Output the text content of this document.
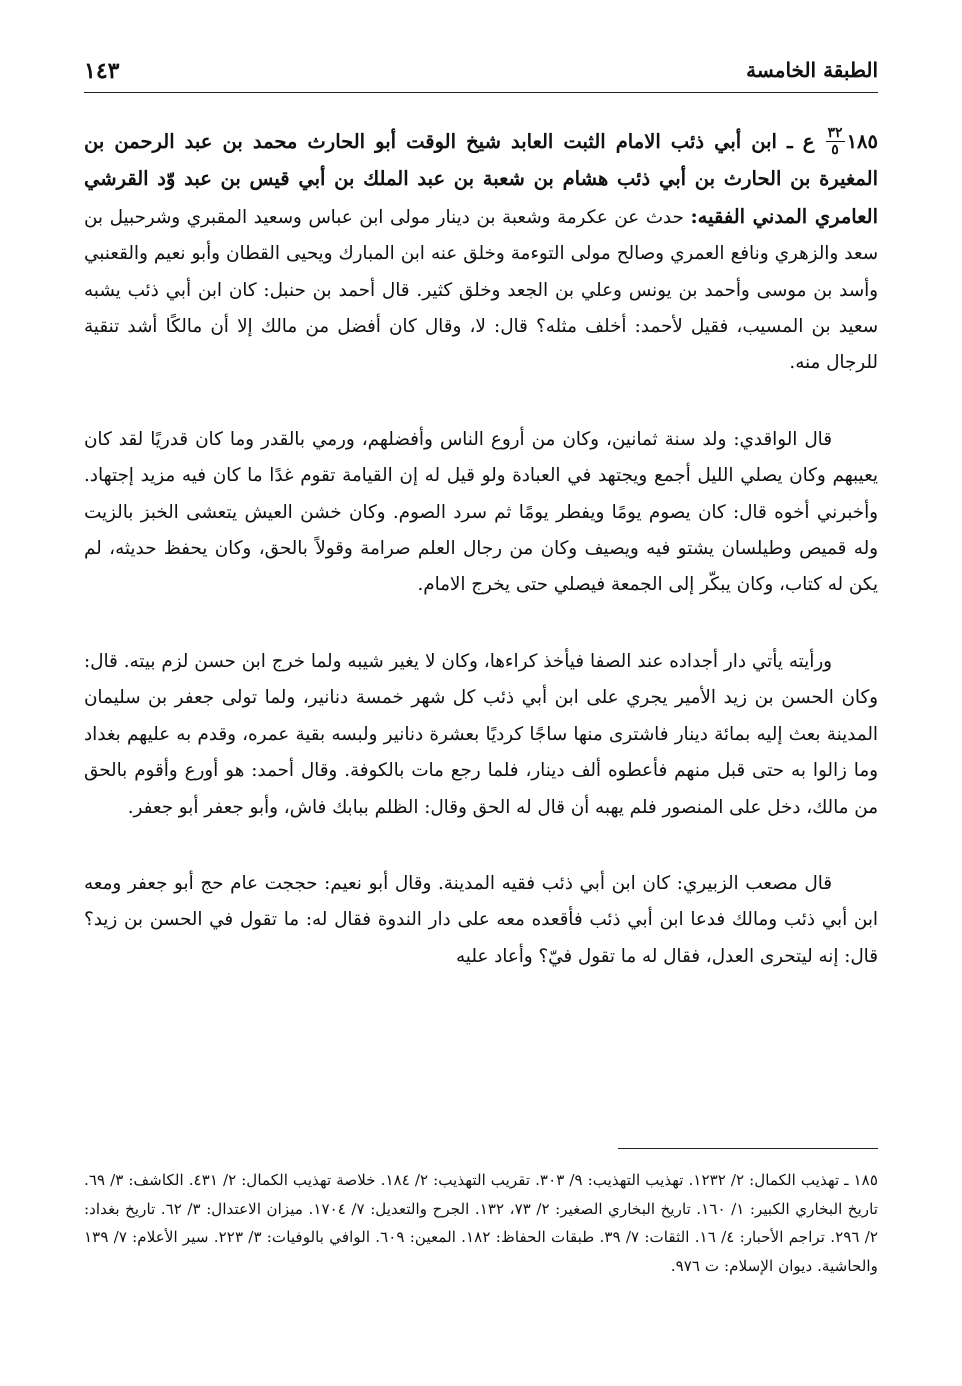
الطبقة الخامسة
١٤٣

١٨٥
$\frac{٣٢}{٥}$
ع ـ ابن أبي ذئب الامام الثبت العابد شيخ الوقت أبو الحارث محمد بن عبد الرحمن بن المغيرة بن الحارث بن أبي ذئب هشام بن شعبة بن عبد الملك بن أبي قيس بن عبد وّد القرشي العامري المدني الفقيه: حدث عن عكرمة وشعبة بن دينار مولى ابن عباس وسعيد المقبري وشرحبيل بن سعد والزهري ونافع العمري وصالح مولى التوءمة وخلق عنه ابن المبارك ويحيى القطان وأبو نعيم والقعنبي وأسد بن موسى وأحمد بن يونس وعلي بن الجعد وخلق كثير. قال أحمد بن حنبل: كان ابن أبي ذئب يشبه سعيد بن المسيب، فقيل لأحمد: أخلف مثله؟ قال: لا، وقال كان أفضل من مالك إلا أن مالكًا أشد تنقية للرجال منه.

قال الواقدي: ولد سنة ثمانين، وكان من أروع الناس وأفضلهم، ورمي بالقدر وما كان قدريًا لقد كان يعيبهم وكان يصلي الليل أجمع ويجتهد في العبادة ولو قيل له إن القيامة تقوم غدًا ما كان فيه مزيد إجتهاد. وأخبرني أخوه قال: كان يصوم يومًا ويفطر يومًا ثم سرد الصوم. وكان خشن العيش يتعشى الخبز بالزيت وله قميص وطيلسان يشتو فيه ويصيف وكان من رجال العلم صرامة وقولاً بالحق، وكان يحفظ حديثه، لم يكن له كتاب، وكان يبكّر إلى الجمعة فيصلي حتى يخرج الامام.

ورأيته يأتي دار أجداده عند الصفا فيأخذ كراءها، وكان لا يغير شيبه ولما خرج ابن حسن لزم بيته. قال: وكان الحسن بن زيد الأمير يجري على ابن أبي ذئب كل شهر خمسة دنانير، ولما تولى جعفر بن سليمان المدينة بعث إليه بمائة دينار فاشترى منها ساجًا كرديًا بعشرة دنانير ولبسه بقية عمره، وقدم به عليهم بغداد وما زالوا به حتى قبل منهم فأعطوه ألف دينار، فلما رجع مات بالكوفة. وقال أحمد: هو أورع وأقوم بالحق من مالك، دخل على المنصور فلم يهبه أن قال له الحق وقال: الظلم ببابك فاش، وأبو جعفر أبو جعفر.

قال مصعب الزبيري: كان ابن أبي ذئب فقيه المدينة. وقال أبو نعيم: حججت عام حج أبو جعفر ومعه ابن أبي ذئب ومالك فدعا ابن أبي ذئب فأقعده معه على دار الندوة فقال له: ما تقول في الحسن بن زيد؟ قال: إنه ليتحرى العدل، فقال له ما تقول فيّ؟ وأعاد عليه

١٨٥ ـ تهذيب الكمال: ٢/ ١٢٣٢. تهذيب التهذيب: ٩/ ٣٠٣. تقريب التهذيب: ٢/ ١٨٤. خلاصة تهذيب الكمال: ٢/ ٤٣١. الكاشف: ٣/ ٦٩. تاريخ البخاري الكبير: ١/ ١٦٠. تاريخ البخاري الصغير: ٢/ ٧٣، ١٣٢. الجرح والتعديل: ٧/ ١٧٠٤. ميزان الاعتدال: ٣/ ٦٢. تاريخ بغداد: ٢/ ٢٩٦. تراجم الأحبار: ٤/ ١٦. الثقات: ٧/ ٣٩. طبقات الحفاظ: ١٨٢. المعين: ٦٠٩. الوافي بالوفيات: ٣/ ٢٢٣. سير الأعلام: ٧/ ١٣٩ والحاشية. ديوان الإسلام: ت ٩٧٦.
